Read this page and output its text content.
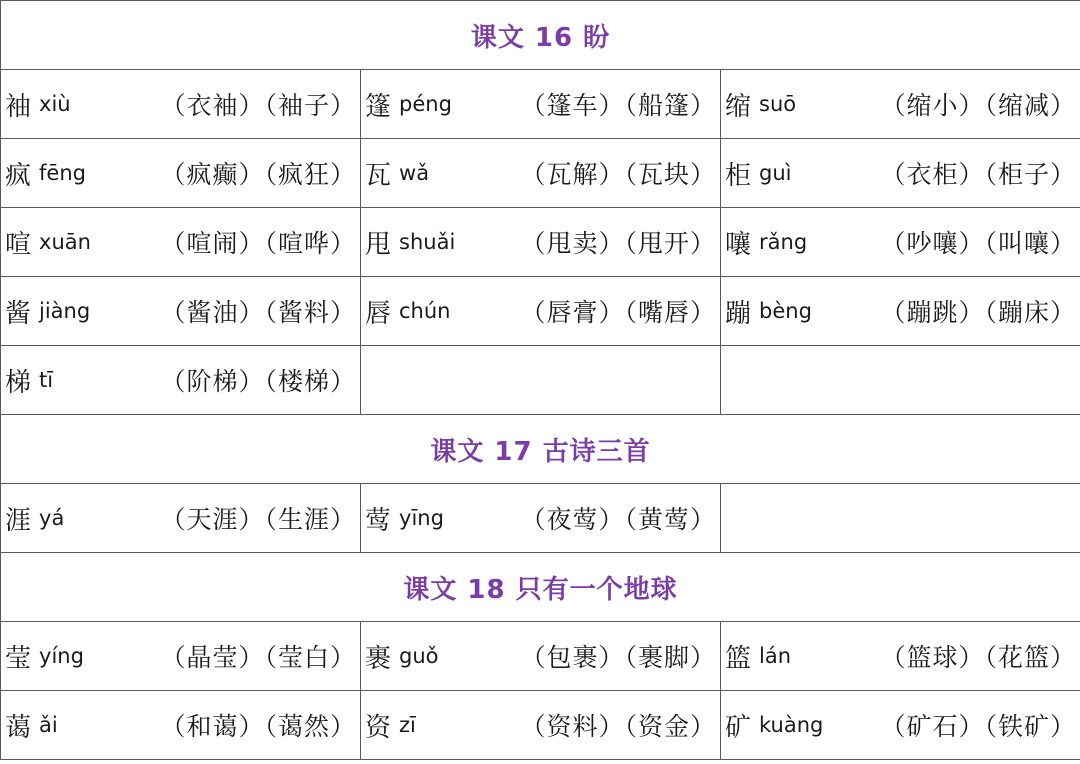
课文 16 盼		

袖 xiù （衣袖）（袖子）	篷 péng （篷车）（船篷）	缩 suō （缩小）（缩减）

疯 fēng （疯癫）（疯狂）	瓦 wǎ （瓦解）（瓦块）	柜 guì （衣柜）（柜子）

喧 xuān （喧闹）（喧哗）	甩 shuǎi （甩卖）（甩开）	嚷 rǎng （吵嚷）（叫嚷）

酱 jiàng （酱油）（酱料）	唇 chún （唇膏）（嘴唇）	蹦 bèng （蹦跳）（蹦床）

梯 tī （阶梯）（楼梯）		

课文 17 古诗三首		

涯 yá （天涯）（生涯）	莺 yīng （夜莺）（黄莺）	

课文 18 只有一个地球		

莹 yíng （晶莹）（莹白）	裹 guǒ （包裹）（裹脚）	篮 lán （篮球）（花篮）

蔼 ǎi （和蔼）（蔼然）	资 zī （资料）（资金）	矿 kuàng （矿石）（铁矿）
